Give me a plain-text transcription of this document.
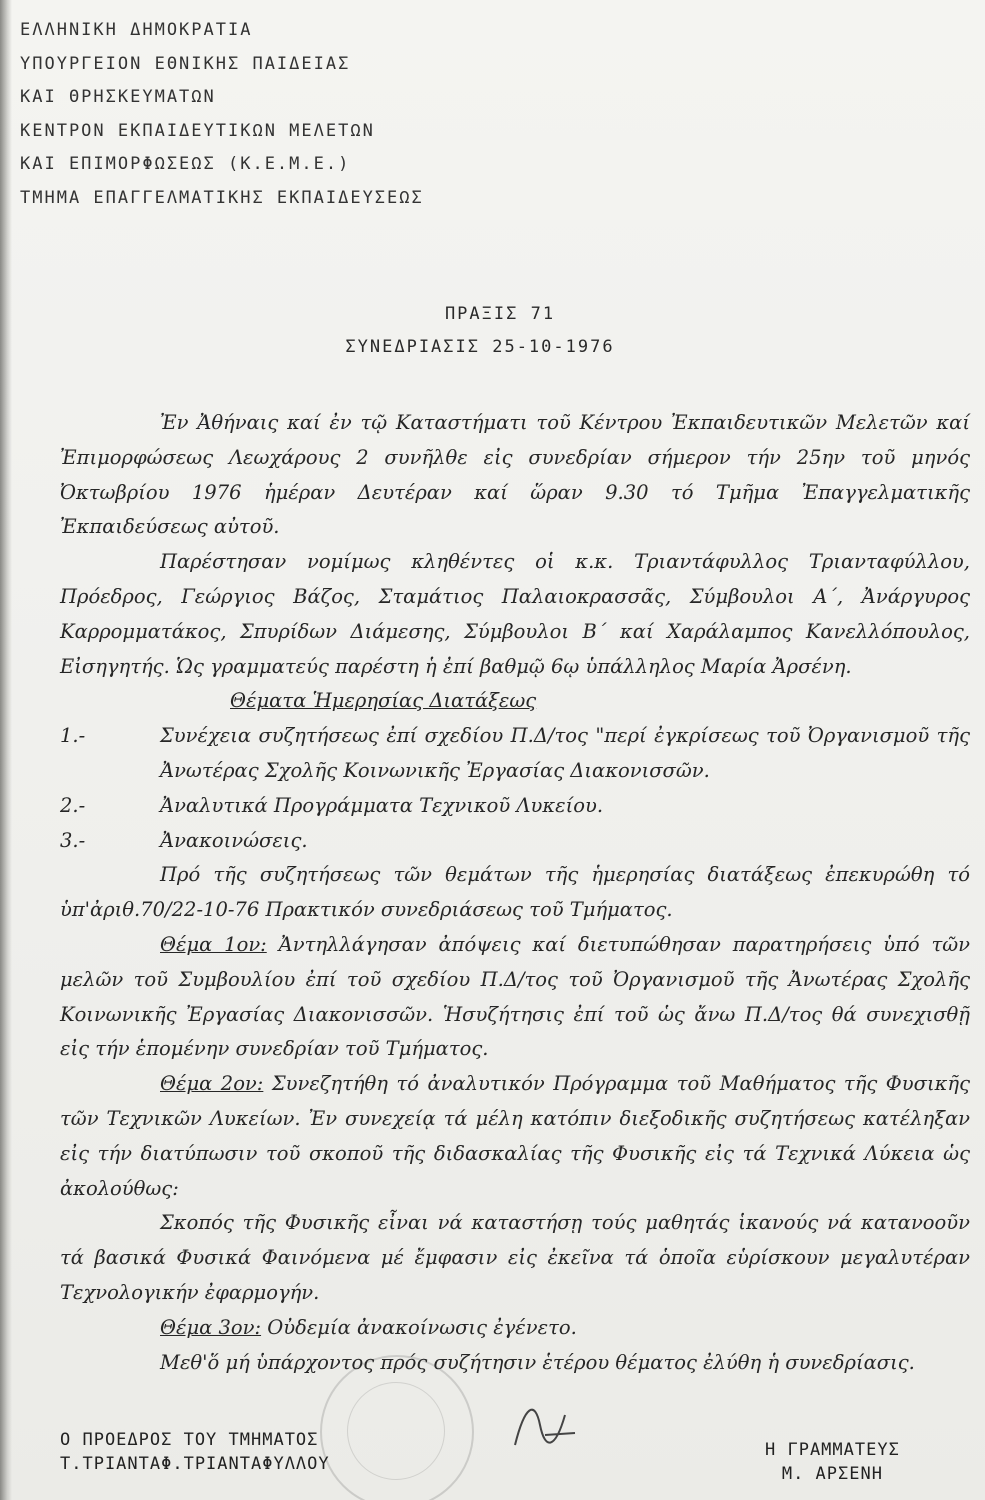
ΕΛΛΗΝΙΚΗ ΔΗΜΟΚΡΑΤΙΑ
ΥΠΟΥΡΓΕΙΟΝ ΕΘΝΙΚΗΣ ΠΑΙΔΕΙΑΣ
ΚΑΙ ΘΡΗΣΚΕΥΜΑΤΩΝ
ΚΕΝΤΡΟΝ ΕΚΠΑΙΔΕΥΤΙΚΩΝ ΜΕΛΕΤΩΝ
ΚΑΙ ΕΠΙΜΟΡΦΩΣΕΩΣ (Κ.Ε.Μ.Ε.)
ΤΜΗΜΑ ΕΠΑΓΓΕΛΜΑΤΙΚΗΣ ΕΚΠΑΙΔΕΥΣΕΩΣ
ΠΡΑΞΙΣ 71
ΣΥΝΕΔΡΙΑΣΙΣ 25-10-1976

Ἐν Ἀθήναις καί ἐν τῷ Καταστήματι τοῦ Κέντρου Ἐκπαιδευτικῶν Μελετῶν καί Ἐπιμορφώσεως Λεωχάρους 2 συνῆλθε εἰς συνεδρίαν σήμερον τήν 25ην τοῦ μηνός Ὀκτωβρίου 1976 ἡμέραν Δευτέραν καί ὥραν 9.30 τό Τμῆμα Ἐπαγγελματικῆς Ἐκπαιδεύσεως αὐτοῦ.

Παρέστησαν νομίμως κληθέντες οἱ κ.κ. Τριαντάφυλλος Τριανταφύλλου, Πρόεδρος, Γεώργιος Βάζος, Σταμάτιος Παλαιοκρασσᾶς, Σύμβουλοι Α΄, Ἀνάργυρος Καρρομματάκος, Σπυρίδων Διάμεσης, Σύμβουλοι Β΄ καί Χαράλαμπος Κανελλόπουλος, Εἰσηγητής. Ὡς γραμματεύς παρέστη ἡ ἐπί βαθμῷ 6ῳ ὑπάλληλος Μαρία Ἀρσένη.

Θέματα Ἡμερησίας Διατάξεως

1.-	Συνέχεια συζητήσεως ἐπί σχεδίου Π.Δ/τος "περί ἐγκρίσεως τοῦ Ὀργανισμοῦ τῆς Ἀνωτέρας Σχολῆς Κοινωνικῆς Ἐργασίας Διακονισσῶν.
2.-	Ἀναλυτικά Προγράμματα Τεχνικοῦ Λυκείου.
3.-	Ἀνακοινώσεις.

Πρό τῆς συζητήσεως τῶν θεμάτων τῆς ἡμερησίας διατάξεως ἐπεκυρώθη τό ὑπ'ἀριθ.70/22-10-76 Πρακτικόν συνεδριάσεως τοῦ Τμήματος.

Θέμα 1ον: Ἀντηλλάγησαν ἀπόψεις καί διετυπώθησαν παρατηρήσεις ὑπό τῶν μελῶν τοῦ Συμβουλίου ἐπί τοῦ σχεδίου Π.Δ/τος τοῦ Ὀργανισμοῦ τῆς Ἀνωτέρας Σχολῆς Κοινωνικῆς Ἐργασίας Διακονισσῶν. Ἡσυζήτησις ἐπί τοῦ ὡς ἄνω Π.Δ/τος θά συνεχισθῇ εἰς τήν ἑπομένην συνεδρίαν τοῦ Τμήματος.

Θέμα 2ον: Συνεζητήθη τό ἀναλυτικόν Πρόγραμμα τοῦ Μαθήματος τῆς Φυσικῆς τῶν Τεχνικῶν Λυκείων. Ἐν συνεχείᾳ τά μέλη κατόπιν διεξοδικῆς συζητήσεως κατέληξαν εἰς τήν διατύπωσιν τοῦ σκοποῦ τῆς διδασκαλίας τῆς Φυσικῆς εἰς τά Τεχνικά Λύκεια ὡς ἀκολούθως:

Σκοπός τῆς Φυσικῆς εἶναι νά καταστήσῃ τούς μαθητάς ἱκανούς νά κατανοοῦν τά βασικά Φυσικά Φαινόμενα μέ ἔμφασιν εἰς ἐκεῖνα τά ὁποῖα εὑρίσκουν μεγαλυτέραν Τεχνολογικήν ἐφαρμογήν.

Θέμα 3ον: Οὐδεμία ἀνακοίνωσις ἐγένετο.

Μεθ'ὅ μή ὑπάρχοντος πρός συζήτησιν ἑτέρου θέματος ἐλύθη ἡ συνεδρίασις.

Ο ΠΡΟΕΔΡΟΣ ΤΟΥ ΤΜΗΜΑΤΟΣ
Τ.ΤΡΙΑΝΤΑΦ.ΤΡΙΑΝΤΑΦΥΛΛΟΥ
Η ΓΡΑΜΜΑΤΕΥΣ
Μ. ΑΡΣΕΝΗ
